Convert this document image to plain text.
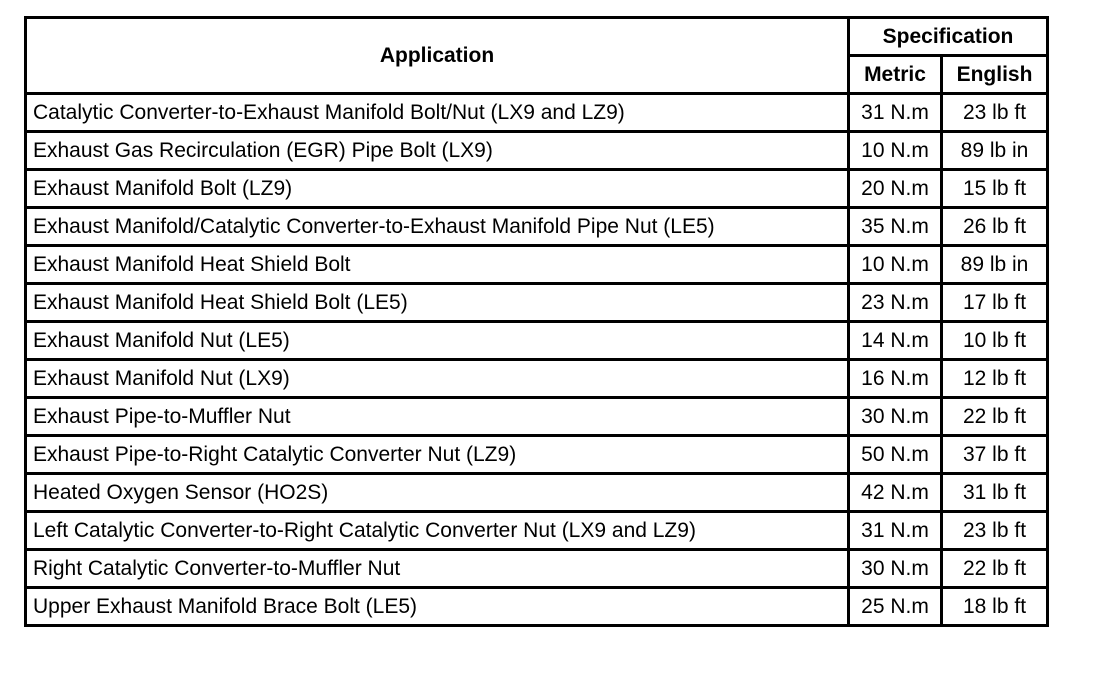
Application	Specification	
	Metric	English
Catalytic Converter-to-Exhaust Manifold Bolt/Nut (LX9 and LZ9)	31 N.m	23 lb ft
Exhaust Gas Recirculation (EGR) Pipe Bolt (LX9)	10 N.m	89 lb in
Exhaust Manifold Bolt (LZ9)	20 N.m	15 lb ft
Exhaust Manifold/Catalytic Converter-to-Exhaust Manifold Pipe Nut (LE5)	35 N.m	26 lb ft
Exhaust Manifold Heat Shield Bolt	10 N.m	89 lb in
Exhaust Manifold Heat Shield Bolt (LE5)	23 N.m	17 lb ft
Exhaust Manifold Nut (LE5)	14 N.m	10 lb ft
Exhaust Manifold Nut (LX9)	16 N.m	12 lb ft
Exhaust Pipe-to-Muffler Nut	30 N.m	22 lb ft
Exhaust Pipe-to-Right Catalytic Converter Nut (LZ9)	50 N.m	37 lb ft
Heated Oxygen Sensor (HO2S)	42 N.m	31 lb ft
Left Catalytic Converter-to-Right Catalytic Converter Nut (LX9 and LZ9)	31 N.m	23 lb ft
Right Catalytic Converter-to-Muffler Nut	30 N.m	22 lb ft
Upper Exhaust Manifold Brace Bolt (LE5)	25 N.m	18 lb ft
